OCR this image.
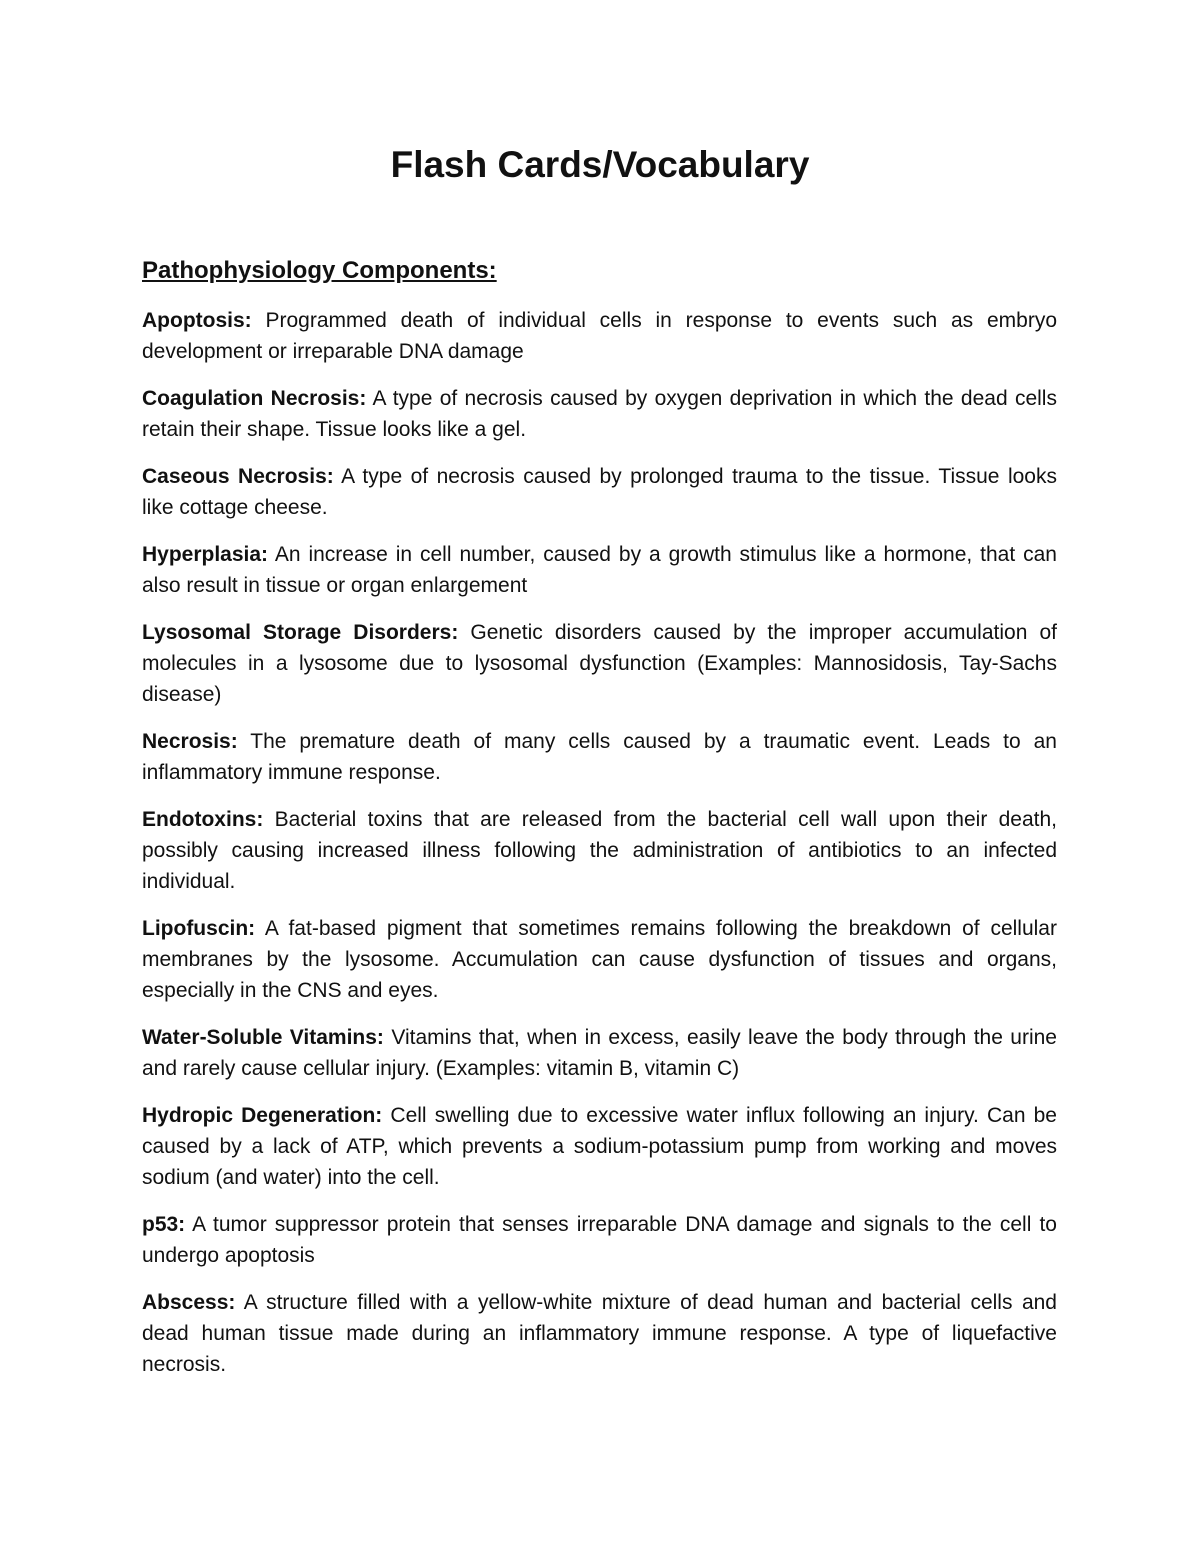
Flash Cards/Vocabulary
Pathophysiology Components:

Apoptosis: Programmed death of individual cells in response to events such as embryo development or irreparable DNA damage

Coagulation Necrosis: A type of necrosis caused by oxygen deprivation in which the dead cells retain their shape. Tissue looks like a gel.

Caseous Necrosis: A type of necrosis caused by prolonged trauma to the tissue. Tissue looks like cottage cheese.

Hyperplasia: An increase in cell number, caused by a growth stimulus like a hormone, that can also result in tissue or organ enlargement

Lysosomal Storage Disorders: Genetic disorders caused by the improper accumulation of molecules in a lysosome due to lysosomal dysfunction (Examples: Mannosidosis, Tay-Sachs disease)

Necrosis: The premature death of many cells caused by a traumatic event. Leads to an inflammatory immune response.

Endotoxins: Bacterial toxins that are released from the bacterial cell wall upon their death, possibly causing increased illness following the administration of antibiotics to an infected individual.

Lipofuscin: A fat-based pigment that sometimes remains following the breakdown of cellular membranes by the lysosome. Accumulation can cause dysfunction of tissues and organs, especially in the CNS and eyes.

Water-Soluble Vitamins: Vitamins that, when in excess, easily leave the body through the urine and rarely cause cellular injury. (Examples: vitamin B, vitamin C)

Hydropic Degeneration: Cell swelling due to excessive water influx following an injury. Can be caused by a lack of ATP, which prevents a sodium-potassium pump from working and moves sodium (and water) into the cell.

p53: A tumor suppressor protein that senses irreparable DNA damage and signals to the cell to undergo apoptosis

Abscess: A structure filled with a yellow-white mixture of dead human and bacterial cells and dead human tissue made during an inflammatory immune response. A type of liquefactive necrosis.
